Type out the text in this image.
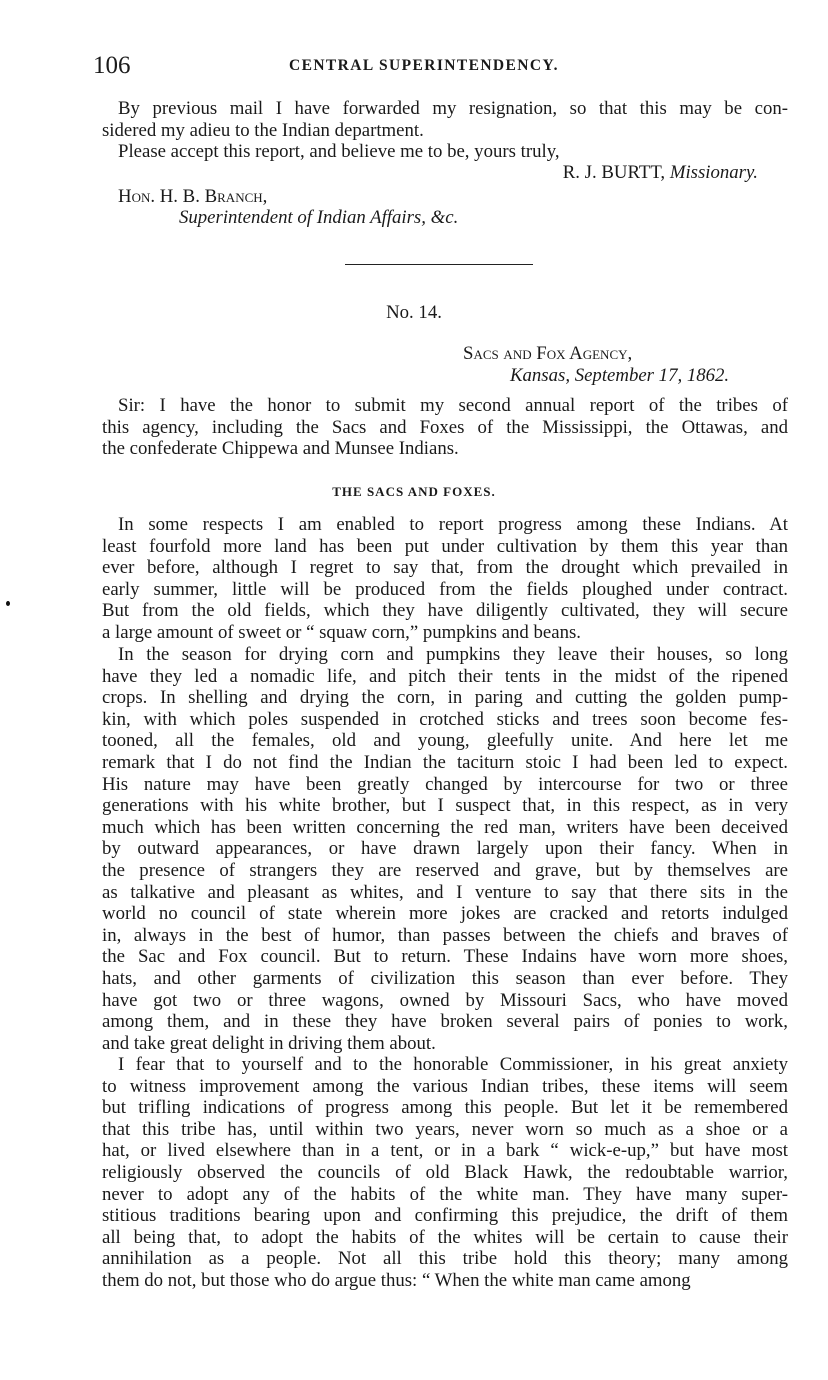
106	CENTRAL SUPERINTENDENCY.

By previous mail I have forwarded my resignation, so that this may be con-
sidered my adieu to the Indian department.
Please accept this report, and believe me to be, yours truly,

R. J. BURTT, Missionary.
Hon. H. B. Branch,
Superintendent of Indian Affairs, &c.
No. 14.
Sacs and Fox Agency,
Kansas, September 17, 1862.

Sir: I have the honor to submit my second annual report of the tribes of
this agency, including the Sacs and Foxes of the Mississippi, the Ottawas, and
the confederate Chippewa and Munsee Indians.

THE SACS AND FOXES.

In some respects I am enabled to report progress among these Indians. At
least fourfold more land has been put under cultivation by them this year than
ever before, although I regret to say that, from the drought which prevailed in
early summer, little will be produced from the fields ploughed under contract.
But from the old fields, which they have diligently cultivated, they will secure
a large amount of sweet or “ squaw corn,” pumpkins and beans.

In the season for drying corn and pumpkins they leave their houses, so long
have they led a nomadic life, and pitch their tents in the midst of the ripened
crops. In shelling and drying the corn, in paring and cutting the golden pump-
kin, with which poles suspended in crotched sticks and trees soon become fes-
tooned, all the females, old and young, gleefully unite. And here let me
remark that I do not find the Indian the taciturn stoic I had been led to expect.
His nature may have been greatly changed by intercourse for two or three
generations with his white brother, but I suspect that, in this respect, as in very
much which has been written concerning the red man, writers have been deceived
by outward appearances, or have drawn largely upon their fancy. When in
the presence of strangers they are reserved and grave, but by themselves are
as talkative and pleasant as whites, and I venture to say that there sits in the
world no council of state wherein more jokes are cracked and retorts indulged
in, always in the best of humor, than passes between the chiefs and braves of
the Sac and Fox council. But to return. These Indains have worn more shoes,
hats, and other garments of civilization this season than ever before. They
have got two or three wagons, owned by Missouri Sacs, who have moved
among them, and in these they have broken several pairs of ponies to work,
and take great delight in driving them about.

I fear that to yourself and to the honorable Commissioner, in his great anxiety
to witness improvement among the various Indian tribes, these items will seem
but trifling indications of progress among this people. But let it be remembered
that this tribe has, until within two years, never worn so much as a shoe or a
hat, or lived elsewhere than in a tent, or in a bark “ wick-e-up,” but have most
religiously observed the councils of old Black Hawk, the redoubtable warrior,
never to adopt any of the habits of the white man. They have many super-
stitious traditions bearing upon and confirming this prejudice, the drift of them
all being that, to adopt the habits of the whites will be certain to cause their
annihilation as a people. Not all this tribe hold this theory; many among
them do not, but those who do argue thus: “ When the white man came among
